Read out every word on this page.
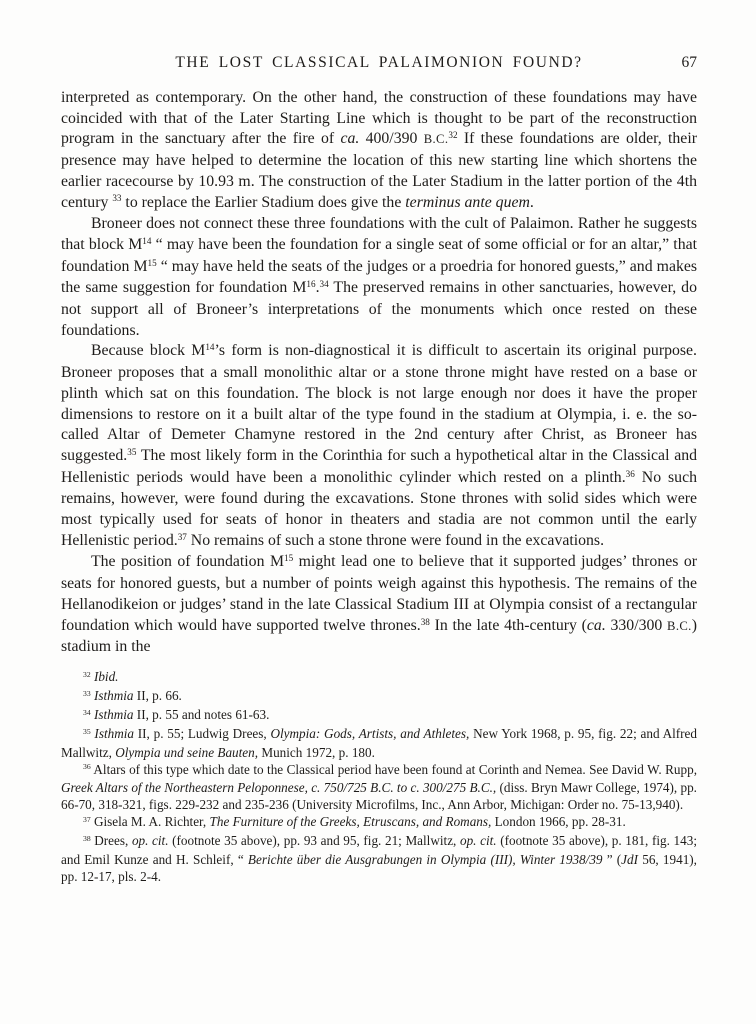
THE LOST CLASSICAL PALAIMONION FOUND?	67

interpreted as contemporary. On the other hand, the construction of these foundations may have coincided with that of the Later Starting Line which is thought to be part of the reconstruction program in the sanctuary after the fire of ca. 400/390 B.C.$^{32}$ If these foundations are older, their presence may have helped to determine the location of this new starting line which shortens the earlier racecourse by 10.93 m. The construction of the Later Stadium in the latter portion of the 4th century $^{33}$ to replace the Earlier Stadium does give the terminus ante quem.

Broneer does not connect these three foundations with the cult of Palaimon. Rather he suggests that block $M^{14}$ “ may have been the foundation for a single seat of some official or for an altar,” that foundation $M^{15}$ “ may have held the seats of the judges or a proedria for honored guests,” and makes the same suggestion for foundation $M^{16}.^{34}$ The preserved remains in other sanctuaries, however, do not support all of Broneer’s interpretations of the monuments which once rested on these foundations.

Because block $M^{14}’s$ form is non-diagnostical it is difficult to ascertain its original purpose. Broneer proposes that a small monolithic altar or a stone throne might have rested on a base or plinth which sat on this foundation. The block is not large enough nor does it have the proper dimensions to restore on it a built altar of the type found in the stadium at Olympia, i. e. the so-called Altar of Demeter Chamyne restored in the 2nd century after Christ, as Broneer has suggested.$^{35}$ The most likely form in the Corinthia for such a hypothetical altar in the Classical and Hellenistic periods would have been a monolithic cylinder which rested on a plinth.$^{36}$ No such remains, however, were found during the excavations. Stone thrones with solid sides which were most typically used for seats of honor in theaters and stadia are not common until the early Hellenistic period.$^{37}$ No remains of such a stone throne were found in the excavations.

The position of foundation $M^{15}$ might lead one to believe that it supported judges’ thrones or seats for honored guests, but a number of points weigh against this hypothesis. The remains of the Hellanodikeion or judges’ stand in the late Classical Stadium III at Olympia consist of a rectangular foundation which would have supported twelve thrones.$^{38}$ In the late 4th-century (ca. 330/300 B.C.) stadium in the

$^{32}$ Ibid.

$^{33}$ Isthmia II, p. 66.

$^{34}$ Isthmia II, p. 55 and notes 61-63.

$^{35}$ Isthmia II, p. 55; Ludwig Drees, Olympia: Gods, Artists, and Athletes, New York 1968, p. 95, fig. 22; and Alfred Mallwitz, Olympia und seine Bauten, Munich 1972, p. 180.

$^{36}$ Altars of this type which date to the Classical period have been found at Corinth and Nemea. See David W. Rupp, Greek Altars of the Northeastern Peloponnese, c. 750/725 B.C. to c. 300/275 B.C., (diss. Bryn Mawr College, 1974), pp. 66-70, 318-321, figs. 229-232 and 235-236 (University Microfilms, Inc., Ann Arbor, Michigan: Order no. 75-13,940).

$^{37}$ Gisela M. A. Richter, The Furniture of the Greeks, Etruscans, and Romans, London 1966, pp. 28-31.

$^{38}$ Drees, op. cit. (footnote 35 above), pp. 93 and 95, fig. 21; Mallwitz, op. cit. (footnote 35 above), p. 181, fig. 143; and Emil Kunze and H. Schleif, “ Berichte über die Ausgrabungen in Olympia (III), Winter 1938/39 ” (JdI 56, 1941), pp. 12-17, pls. 2-4.
